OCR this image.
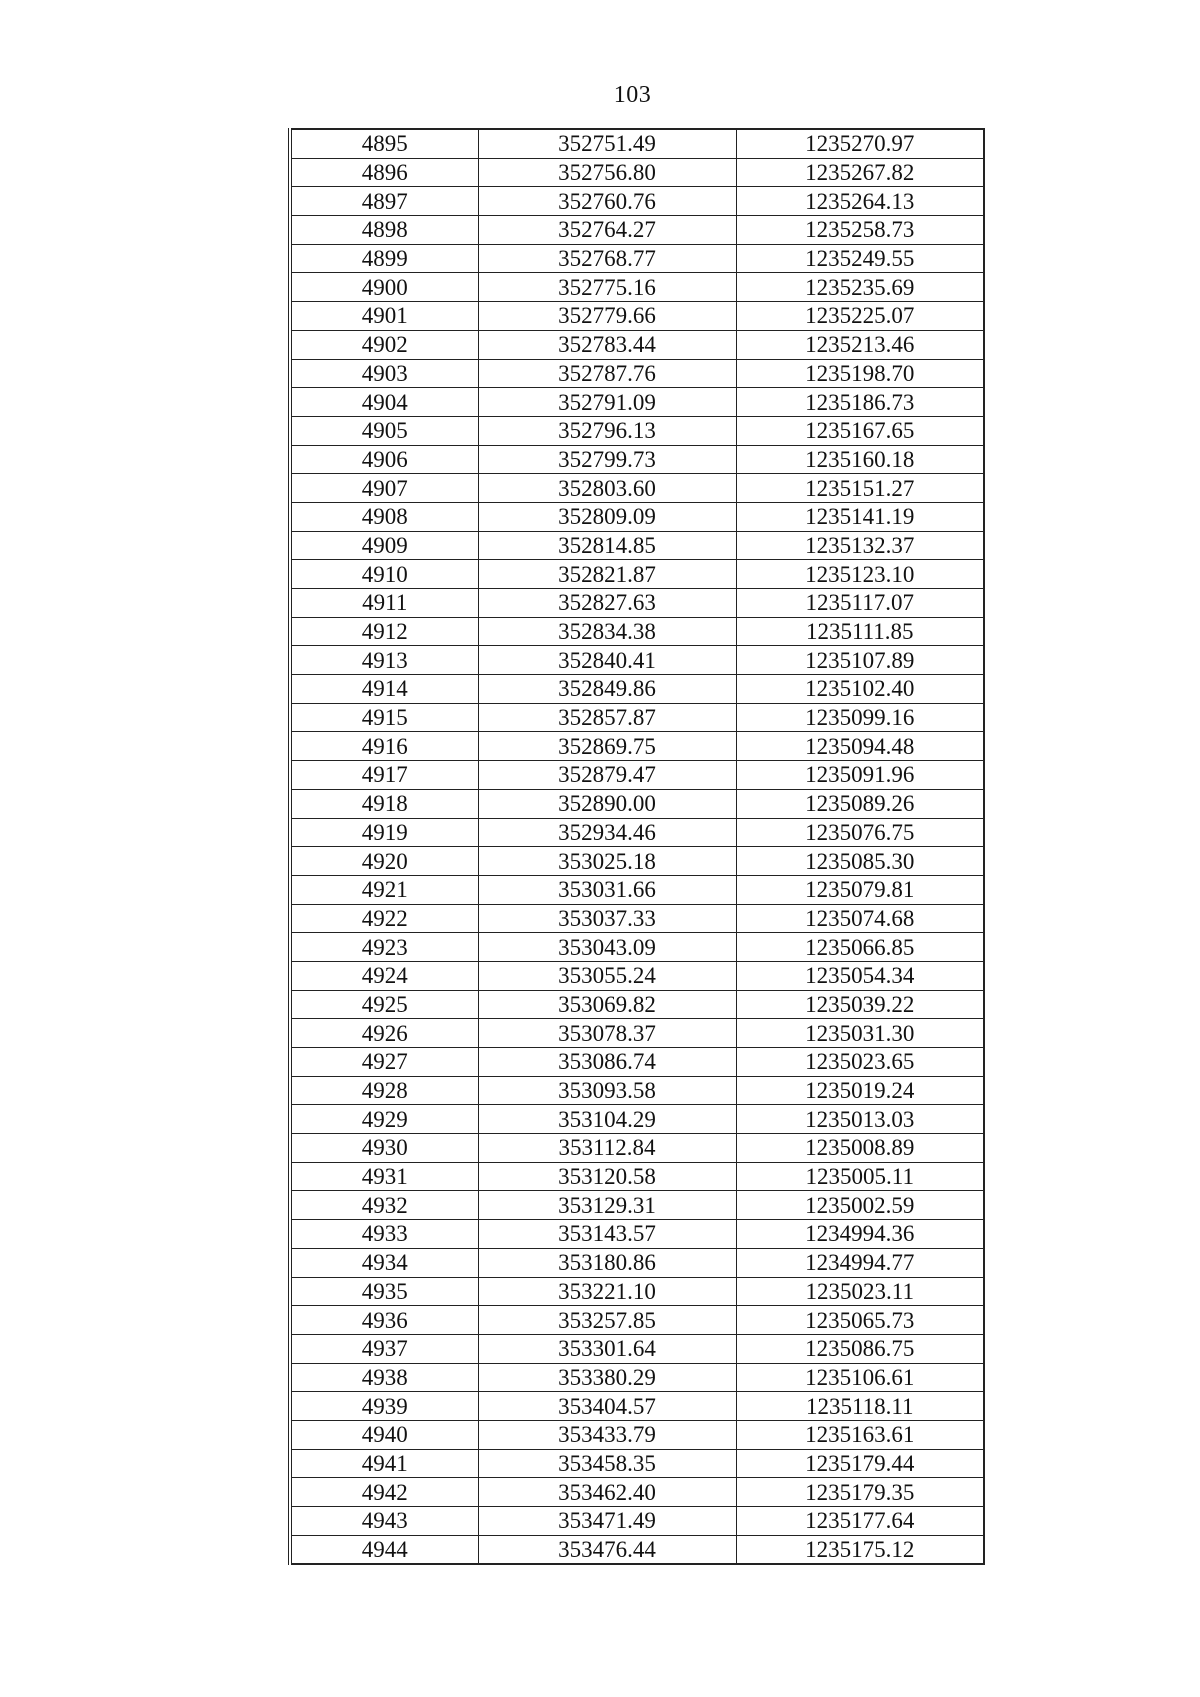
103
4895	352751.49	1235270.97
4896	352756.80	1235267.82
4897	352760.76	1235264.13
4898	352764.27	1235258.73
4899	352768.77	1235249.55
4900	352775.16	1235235.69
4901	352779.66	1235225.07
4902	352783.44	1235213.46
4903	352787.76	1235198.70
4904	352791.09	1235186.73
4905	352796.13	1235167.65
4906	352799.73	1235160.18
4907	352803.60	1235151.27
4908	352809.09	1235141.19
4909	352814.85	1235132.37
4910	352821.87	1235123.10
4911	352827.63	1235117.07
4912	352834.38	1235111.85
4913	352840.41	1235107.89
4914	352849.86	1235102.40
4915	352857.87	1235099.16
4916	352869.75	1235094.48
4917	352879.47	1235091.96
4918	352890.00	1235089.26
4919	352934.46	1235076.75
4920	353025.18	1235085.30
4921	353031.66	1235079.81
4922	353037.33	1235074.68
4923	353043.09	1235066.85
4924	353055.24	1235054.34
4925	353069.82	1235039.22
4926	353078.37	1235031.30
4927	353086.74	1235023.65
4928	353093.58	1235019.24
4929	353104.29	1235013.03
4930	353112.84	1235008.89
4931	353120.58	1235005.11
4932	353129.31	1235002.59
4933	353143.57	1234994.36
4934	353180.86	1234994.77
4935	353221.10	1235023.11
4936	353257.85	1235065.73
4937	353301.64	1235086.75
4938	353380.29	1235106.61
4939	353404.57	1235118.11
4940	353433.79	1235163.61
4941	353458.35	1235179.44
4942	353462.40	1235179.35
4943	353471.49	1235177.64
4944	353476.44	1235175.12
